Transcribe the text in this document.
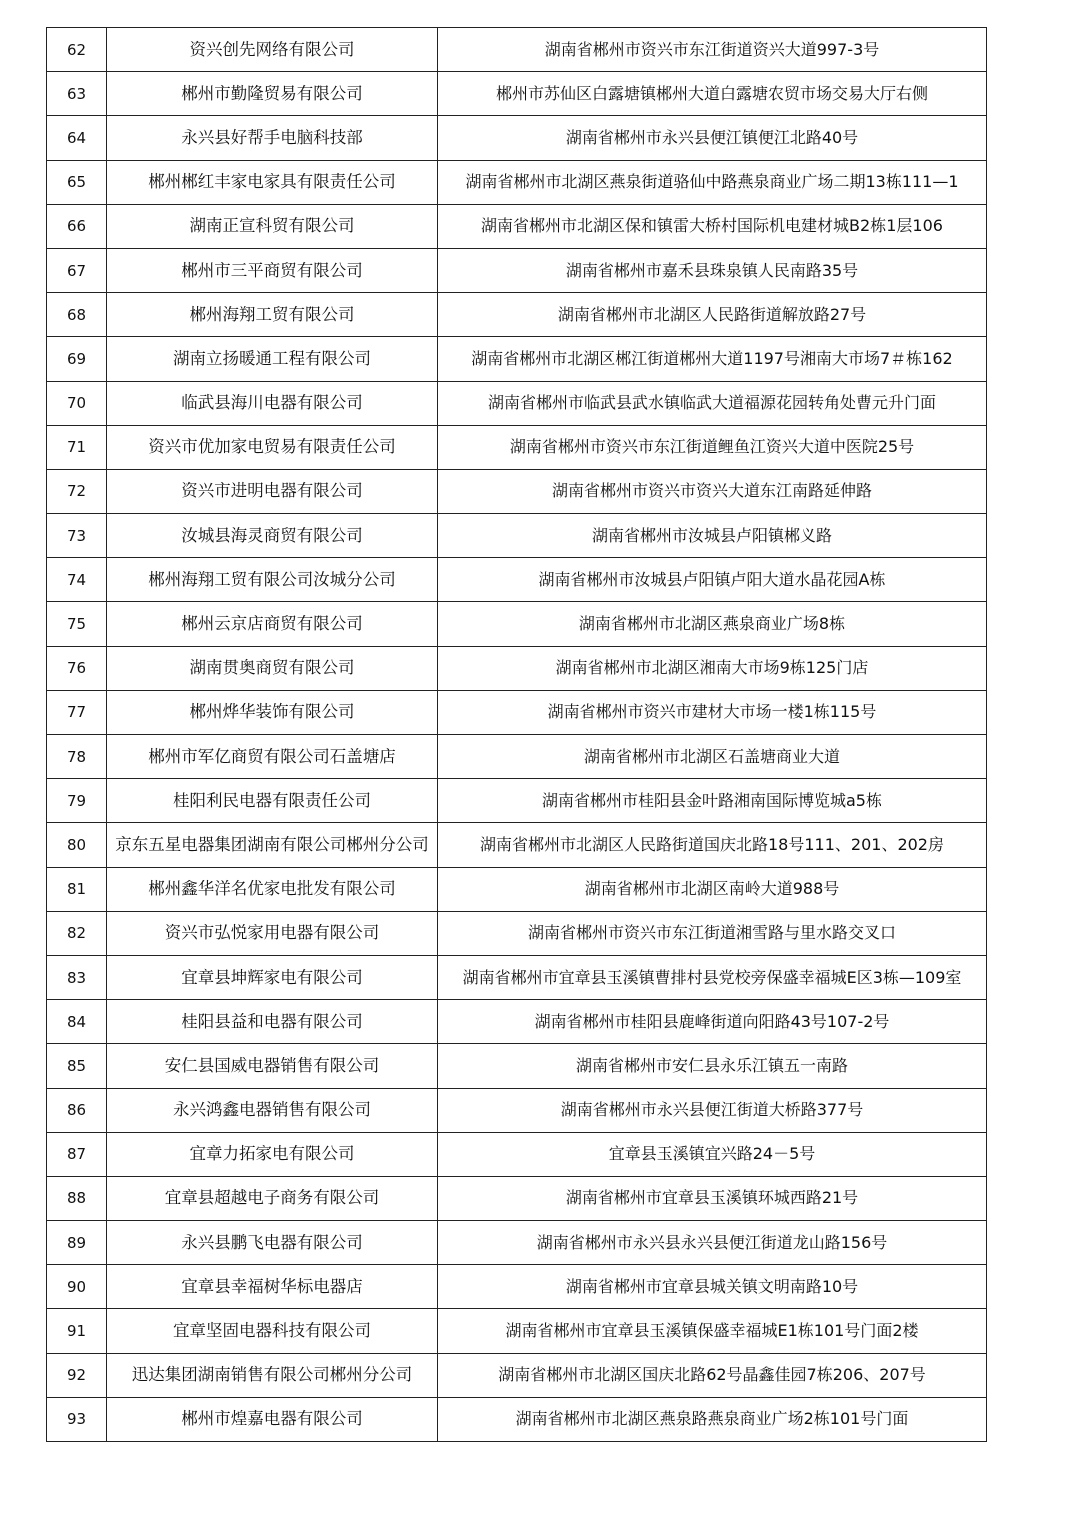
62	资兴创先网络有限公司	湖南省郴州市资兴市东江街道资兴大道997-3号
63	郴州市勤隆贸易有限公司	郴州市苏仙区白露塘镇郴州大道白露塘农贸市场交易大厅右侧
64	永兴县好帮手电脑科技部	湖南省郴州市永兴县便江镇便江北路40号
65	郴州郴红丰家电家具有限责任公司	湖南省郴州市北湖区燕泉街道骆仙中路燕泉商业广场二期13栋111—1
66	湖南正宣科贸有限公司	湖南省郴州市北湖区保和镇雷大桥村国际机电建材城B2栋1层106
67	郴州市三平商贸有限公司	湖南省郴州市嘉禾县珠泉镇人民南路35号
68	郴州海翔工贸有限公司	湖南省郴州市北湖区人民路街道解放路27号
69	湖南立扬暖通工程有限公司	湖南省郴州市北湖区郴江街道郴州大道1197号湘南大市场7＃栋162
70	临武县海川电器有限公司	湖南省郴州市临武县武水镇临武大道福源花园转角处曹元升门面
71	资兴市优加家电贸易有限责任公司	湖南省郴州市资兴市东江街道鲤鱼江资兴大道中医院25号
72	资兴市进明电器有限公司	湖南省郴州市资兴市资兴大道东江南路延伸路
73	汝城县海灵商贸有限公司	湖南省郴州市汝城县卢阳镇郴义路
74	郴州海翔工贸有限公司汝城分公司	湖南省郴州市汝城县卢阳镇卢阳大道水晶花园A栋
75	郴州云京店商贸有限公司	湖南省郴州市北湖区燕泉商业广场8栋
76	湖南贯奥商贸有限公司	湖南省郴州市北湖区湘南大市场9栋125门店
77	郴州烨华装饰有限公司	湖南省郴州市资兴市建材大市场一楼1栋115号
78	郴州市军亿商贸有限公司石盖塘店	湖南省郴州市北湖区石盖塘商业大道
79	桂阳利民电器有限责任公司	湖南省郴州市桂阳县金叶路湘南国际博览城a5栋
80	京东五星电器集团湖南有限公司郴州分公司	湖南省郴州市北湖区人民路街道国庆北路18号111、201、202房
81	郴州鑫华洋名优家电批发有限公司	湖南省郴州市北湖区南岭大道988号
82	资兴市弘悦家用电器有限公司	湖南省郴州市资兴市东江街道湘雪路与里水路交叉口
83	宜章县坤辉家电有限公司	湖南省郴州市宜章县玉溪镇曹排村县党校旁保盛幸福城E区3栋—109室
84	桂阳县益和电器有限公司	湖南省郴州市桂阳县鹿峰街道向阳路43号107-2号
85	安仁县国威电器销售有限公司	湖南省郴州市安仁县永乐江镇五一南路
86	永兴鸿鑫电器销售有限公司	湖南省郴州市永兴县便江街道大桥路377号
87	宜章力拓家电有限公司	宜章县玉溪镇宜兴路24－5号
88	宜章县超越电子商务有限公司	湖南省郴州市宜章县玉溪镇环城西路21号
89	永兴县鹏飞电器有限公司	湖南省郴州市永兴县永兴县便江街道龙山路156号
90	宜章县幸福树华标电器店	湖南省郴州市宜章县城关镇文明南路10号
91	宜章坚固电器科技有限公司	湖南省郴州市宜章县玉溪镇保盛幸福城E1栋101号门面2楼
92	迅达集团湖南销售有限公司郴州分公司	湖南省郴州市北湖区国庆北路62号晶鑫佳园7栋206、207号
93	郴州市煌嘉电器有限公司	湖南省郴州市北湖区燕泉路燕泉商业广场2栋101号门面
